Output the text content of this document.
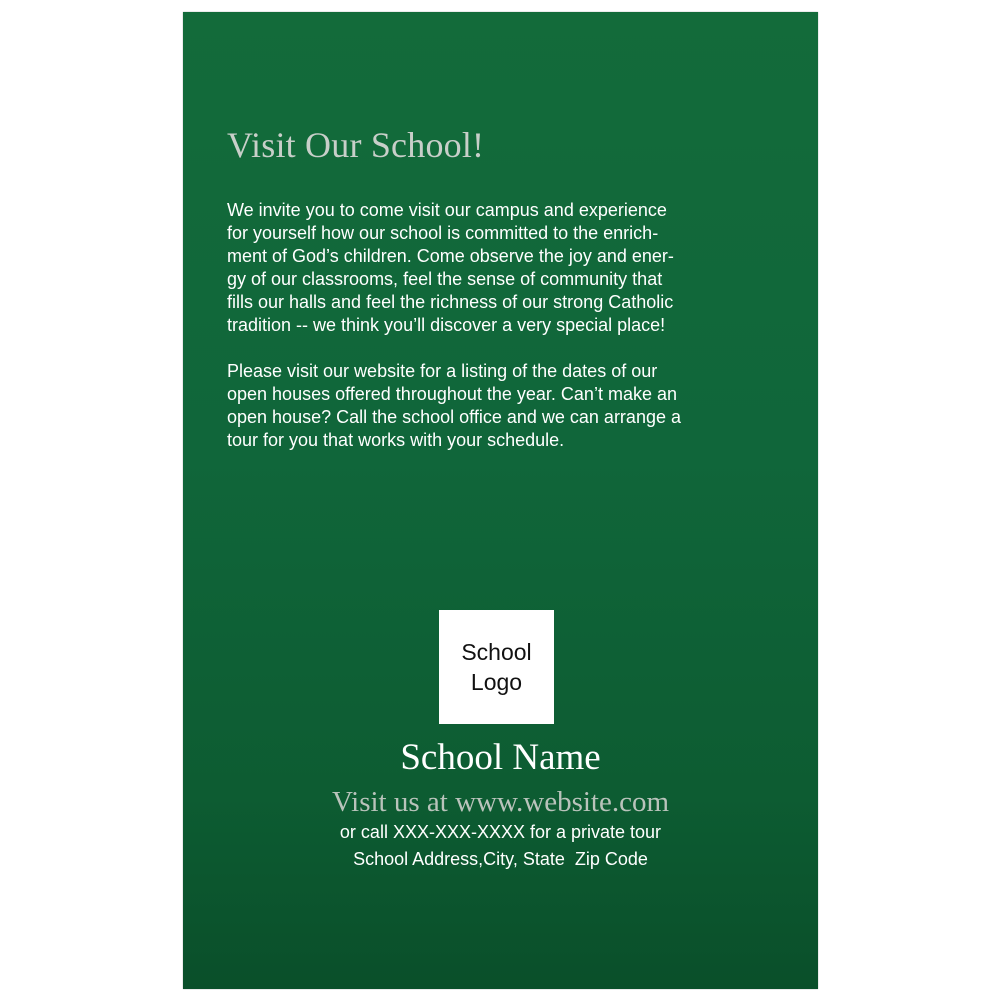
Visit Our School!

We invite you to come visit our campus and experience
for yourself how our school is committed to the enrich-
ment of God’s children. Come observe the joy and ener-
gy of our classrooms, feel the sense of community that
fills our halls and feel the richness of our strong Catholic
tradition -- we think you’ll discover a very special place!

Please visit our website for a listing of the dates of our
open houses offered throughout the year. Can’t make an
open house? Call the school office and we can arrange a
tour for you that works with your schedule.

School
Logo
School Name
Visit us at www.website.com
or call XXX-XXX-XXXX for a private tour
School Address,City, State  Zip Code
